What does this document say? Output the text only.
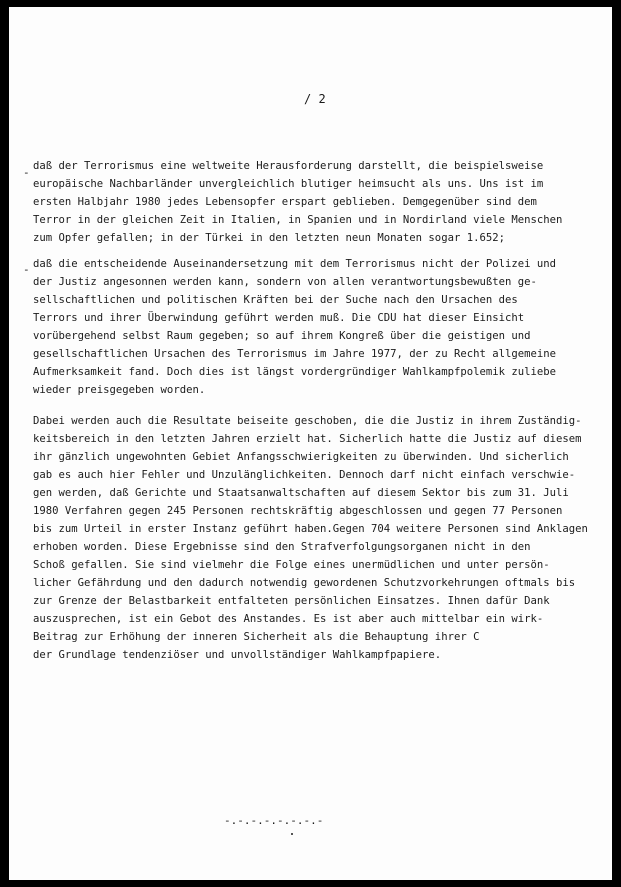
/ 2
- daß der Terrorismus eine weltweite Herausforderung darstellt, die beispielsweise
europäische Nachbarländer unvergleichlich blutiger heimsucht als uns. Uns ist im
ersten Halbjahr 1980 jedes Lebensopfer erspart geblieben. Demgegenüber sind dem
Terror in der gleichen Zeit in Italien, in Spanien und in Nordirland viele Menschen
zum Opfer gefallen; in der Türkei in den letzten neun Monaten sogar 1.652;
- daß die entscheidende Auseinandersetzung mit dem Terrorismus nicht der Polizei und
der Justiz angesonnen werden kann, sondern von allen verantwortungsbewußten ge-
sellschaftlichen und politischen Kräften bei der Suche nach den Ursachen des
Terrors und ihrer Überwindung geführt werden muß. Die CDU hat dieser Einsicht
vorübergehend selbst Raum gegeben; so auf ihrem Kongreß über die geistigen und
gesellschaftlichen Ursachen des Terrorismus im Jahre 1977, der zu Recht allgemeine
Aufmerksamkeit fand. Doch dies ist längst vordergründiger Wahlkampfpolemik zuliebe
wieder preisgegeben worden.
Dabei werden auch die Resultate beiseite geschoben, die die Justiz in ihrem Zuständig-
keitsbereich in den letzten Jahren erzielt hat. Sicherlich hatte die Justiz auf diesem
ihr gänzlich ungewohnten Gebiet Anfangsschwierigkeiten zu überwinden. Und sicherlich
gab es auch hier Fehler und Unzulänglichkeiten. Dennoch darf nicht einfach verschwie-
gen werden, daß Gerichte und Staatsanwaltschaften auf diesem Sektor bis zum 31. Juli
1980 Verfahren gegen 245 Personen rechtskräftig abgeschlossen und gegen 77 Personen
bis zum Urteil in erster Instanz geführt haben.Gegen 704 weitere Personen sind Anklagen
erhoben worden. Diese Ergebnisse sind den Strafverfolgungsorganen nicht in den
Schoß gefallen. Sie sind vielmehr die Folge eines unermüdlichen und unter persön-
licher Gefährdung und den dadurch notwendig gewordenen Schutzvorkehrungen oftmals bis
zur Grenze der Belastbarkeit entfalteten persönlichen Einsatzes. Ihnen dafür Dank
auszusprechen, ist ein Gebot des Anstandes. Es ist aber auch mittelbar ein wirk-
Beitrag zur Erhöhung der inneren Sicherheit als die Behauptung ihrer C
der Grundlage tendenziöser und unvollständiger Wahlkampfpapiere.
-.-.-.-.-.-.-.-
